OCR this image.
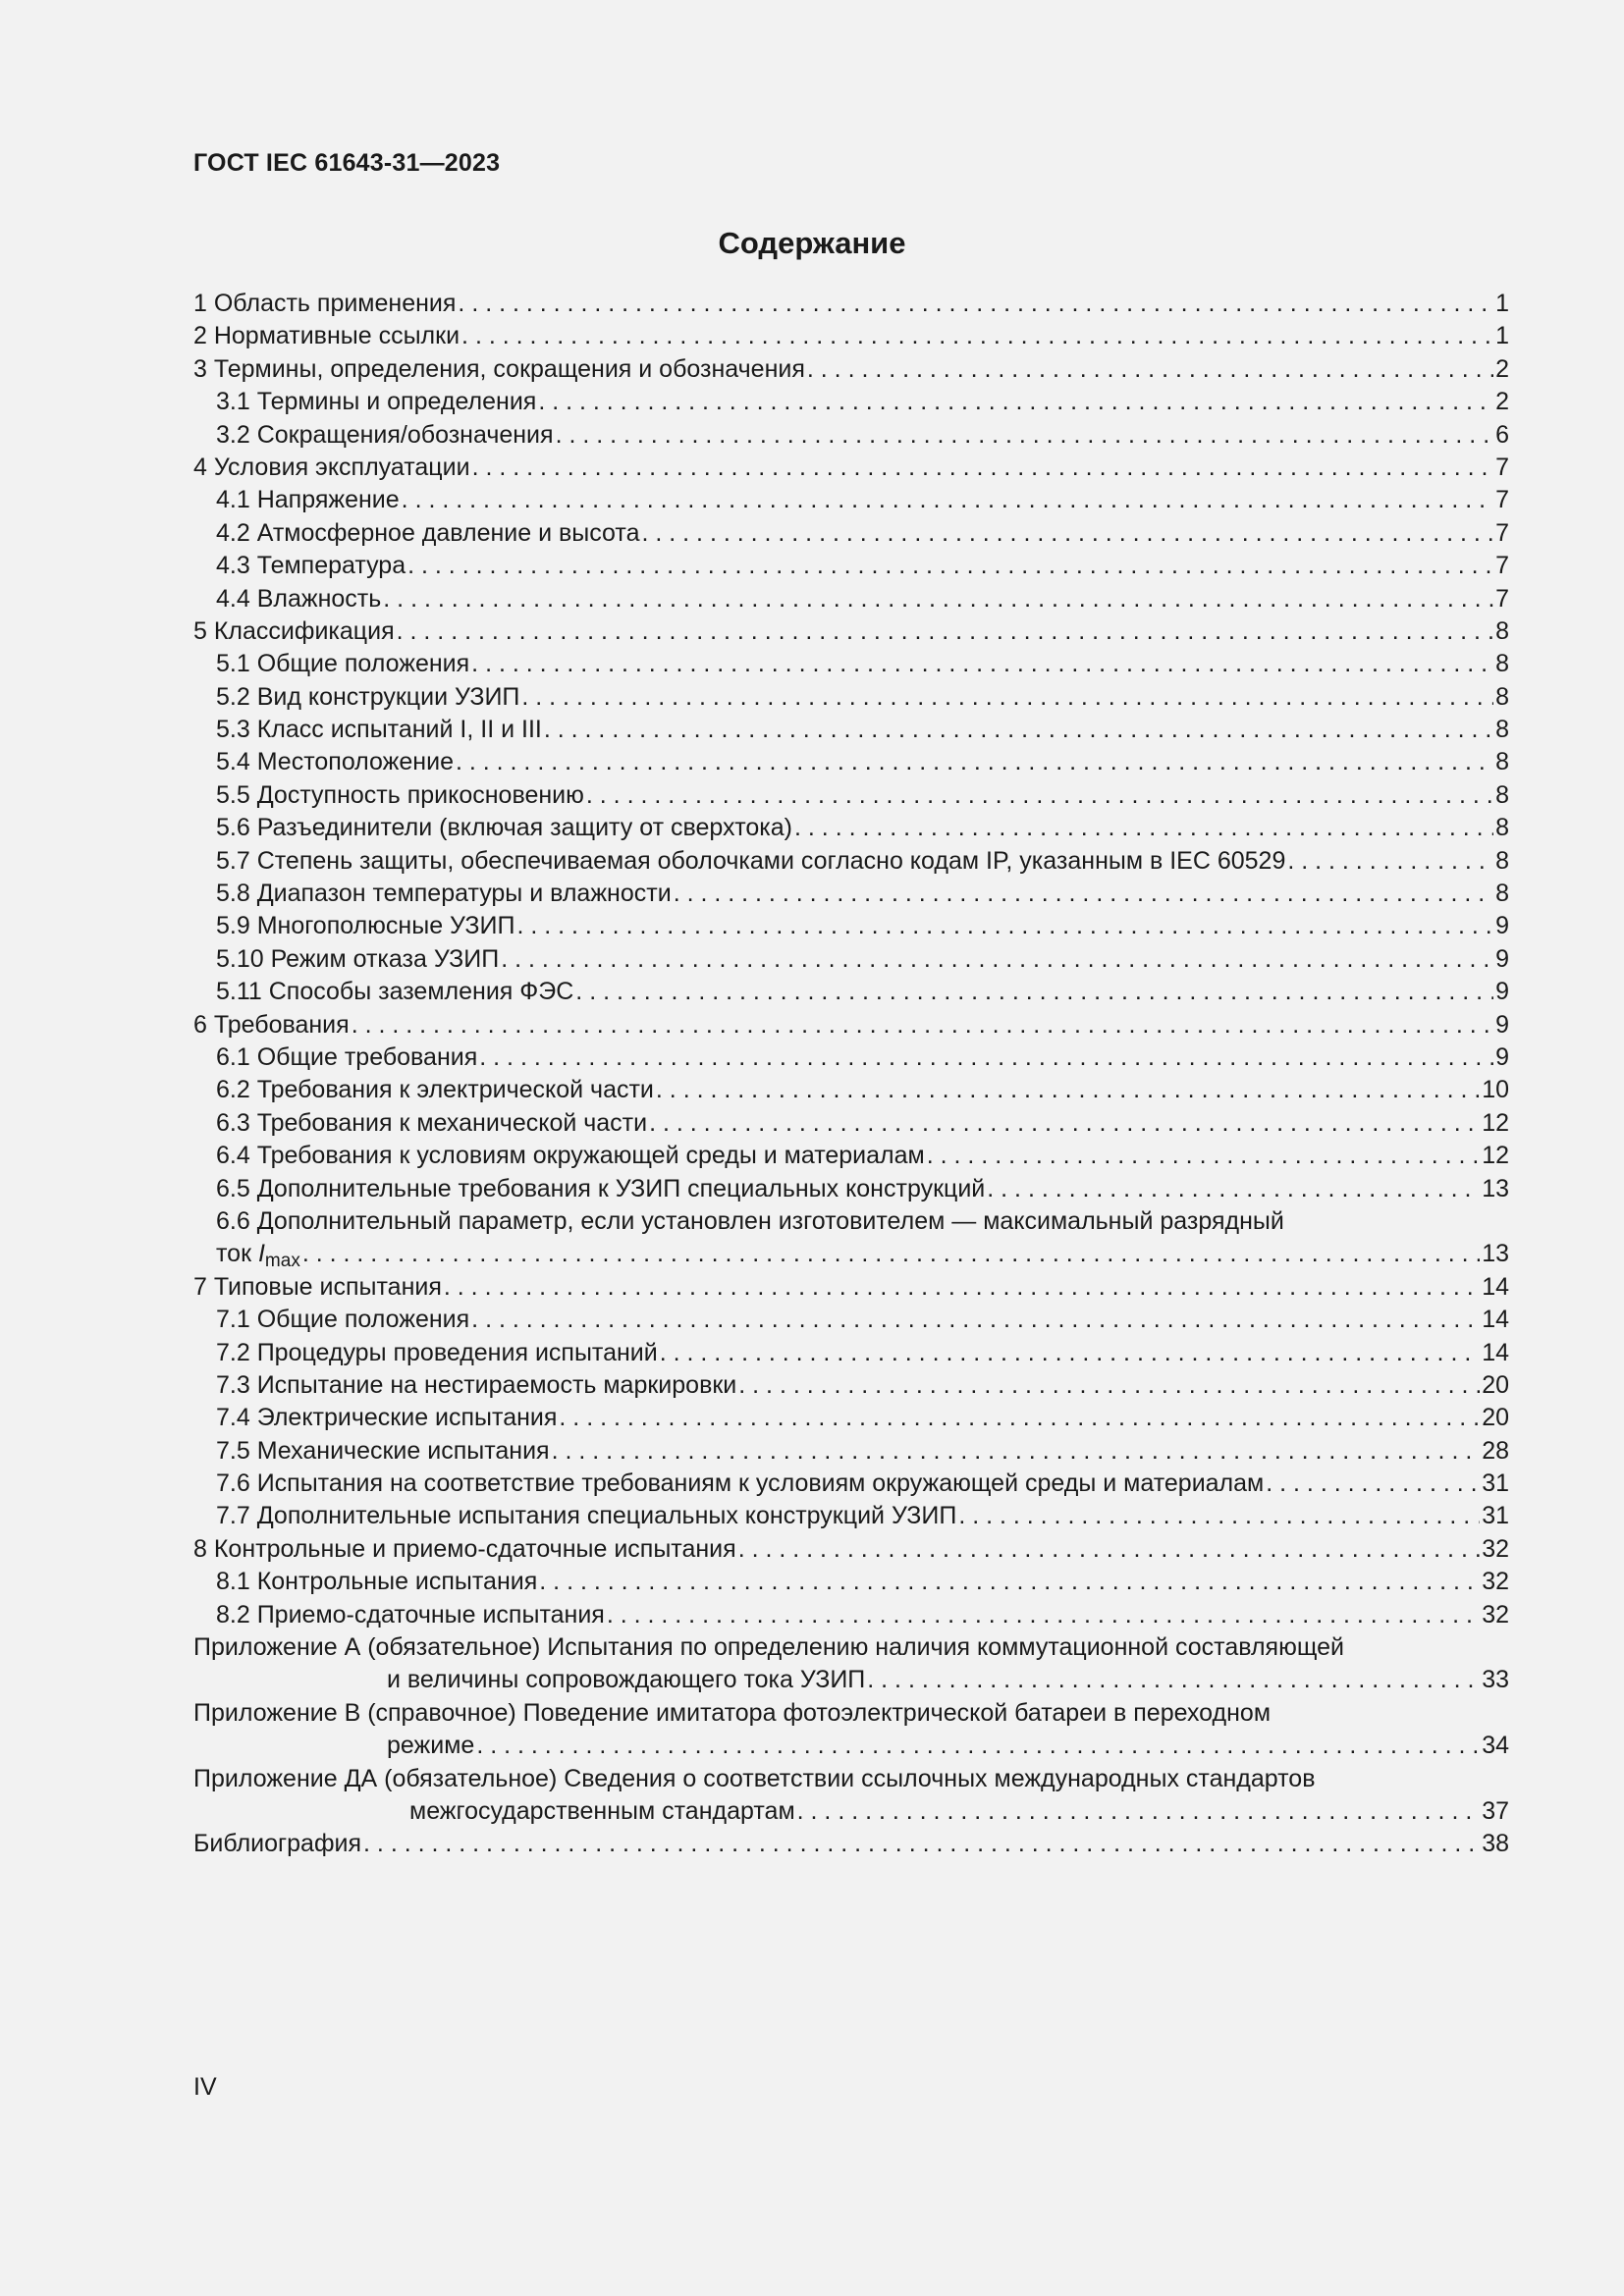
ГОСТ IEC 61643-31—2023
Содержание
1 Область применения . . .	1
2 Нормативные ссылки . . .	1
3 Термины, определения, сокращения и обозначения . . .	2
3.1 Термины и определения . . .	2
3.2 Сокращения/обозначения . . .	6
4 Условия эксплуатации . . .	7
4.1 Напряжение . . .	7
4.2 Атмосферное давление и высота . . .	7
4.3 Температура . . .	7
4.4 Влажность . . .	7
5 Классификация . . .	8
5.1 Общие положения . . .	8
5.2 Вид конструкции УЗИП . . .	8
5.3 Класс испытаний I, II и III . . .	8
5.4 Местоположение . . .	8
5.5 Доступность прикосновению . . .	8
5.6 Разъединители (включая защиту от сверхтока) . . .	8
5.7 Степень защиты, обеспечиваемая оболочками согласно кодам IP, указанным в IEC 60529 . . .	8
5.8 Диапазон температуры и влажности . . .	8
5.9 Многополюсные УЗИП . . .	9
5.10 Режим отказа УЗИП . . .	9
5.11 Способы заземления ФЭС . . .	9
6 Требования . . .	9
6.1 Общие требования . . .	9
6.2 Требования к электрической части . . .	10
6.3 Требования к механической части . . .	12
6.4 Требования к условиям окружающей среды и материалам . . .	12
6.5 Дополнительные требования к УЗИП специальных конструкций . . .	13
6.6 Дополнительный параметр, если установлен изготовителем — максимальный разрядный
ток $I_{max}$ . . .	13
7 Типовые испытания . . .	14
7.1 Общие положения . . .	14
7.2 Процедуры проведения испытаний . . .	14
7.3 Испытание на нестираемость маркировки . . .	20
7.4 Электрические испытания . . .	20
7.5 Механические испытания . . .	28
7.6 Испытания на соответствие требованиям к условиям окружающей среды и материалам . . .	31
7.7 Дополнительные испытания специальных конструкций УЗИП . . .	31
8 Контрольные и приемо-сдаточные испытания . . .	32
8.1 Контрольные испытания . . .	32
8.2 Приемо-сдаточные испытания . . .	32
Приложение А (обязательное) Испытания по определению наличия коммутационной составляющей
и величины сопровождающего тока УЗИП . . .	33
Приложение В (справочное) Поведение имитатора фотоэлектрической батареи в переходном
режиме . . .	34
Приложение ДА (обязательное) Сведения о соответствии ссылочных международных стандартов
межгосударственным стандартам . . .	37
Библиография . . .	38
IV
